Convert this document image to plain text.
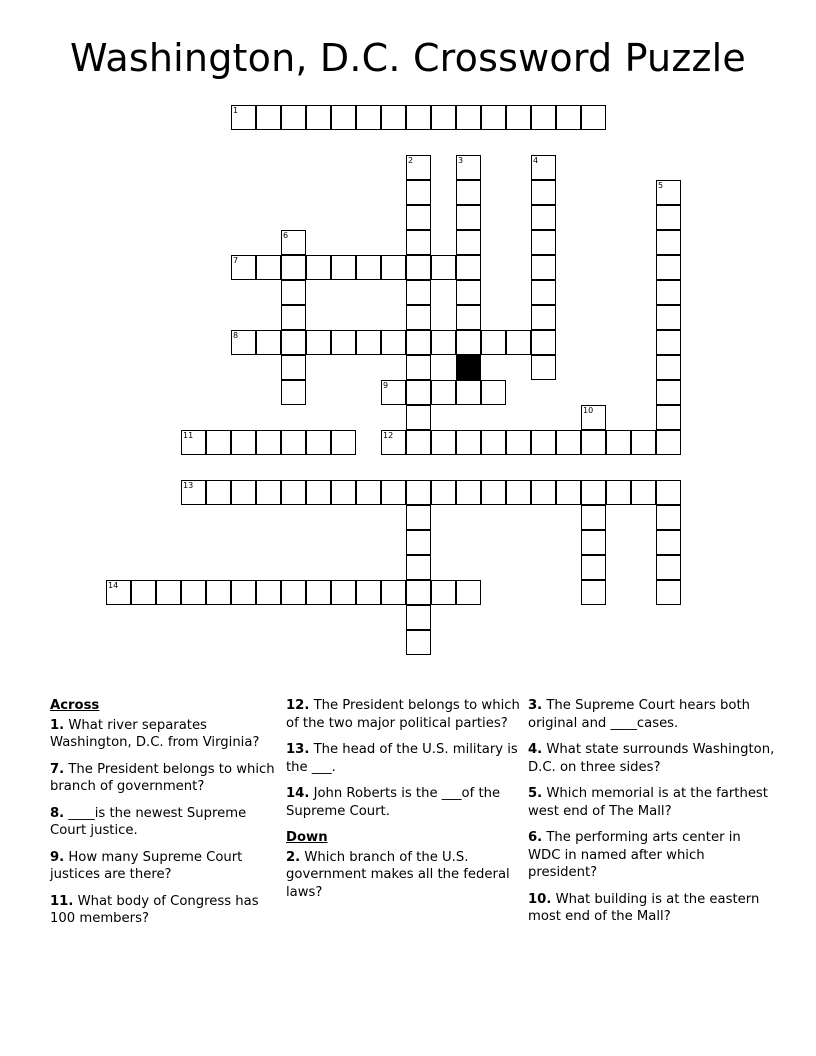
Washington, D.C. Crossword Puzzle
1
2	3	4
5
6
7
8
9
10
11	12
13
14
Across
1. What river separates Washington, D.C. from Virginia?
7. The President belongs to which branch of government?
8. ____is the newest Supreme Court justice.
9. How many Supreme Court justices are there?
11. What body of Congress has 100 members?
12. The President belongs to which of the two major political parties?
13. The head of the U.S. military is the ___.
14. John Roberts is the ___of the Supreme Court.
Down
2. Which branch of the U.S. government makes all the federal laws?
3. The Supreme Court hears both original and ____cases.
4. What state surrounds Washington, D.C. on three sides?
5. Which memorial is at the farthest west end of The Mall?
6. The performing arts center in WDC in named after which president?
10. What building is at the eastern most end of the Mall?
